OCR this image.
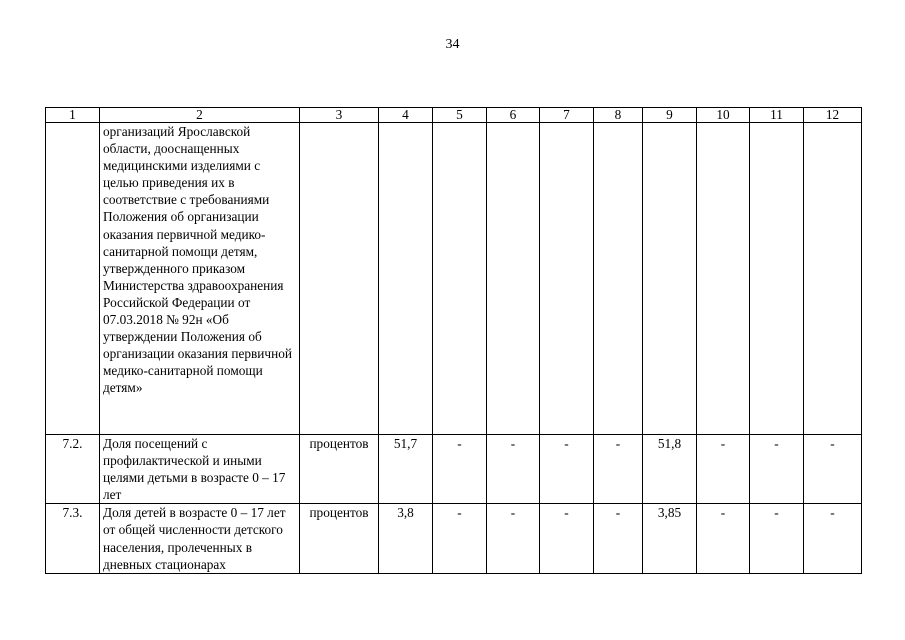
34
1	2	3	4	5	6	7	8	9	10	11	12
	организаций Ярославской области, дооснащенных медицинскими изделиями с целью приведения их в соответствие с требованиями Положения об организации оказания первичной медико-санитарной помощи детям, утвержденного приказом Министерства здравоохранения Российской Федерации от 07.03.2018 № 92н «Об утверждении Положения об организации оказания первичной медико-санитарной помощи детям»										
7.2.	Доля посещений с профилактической и иными целями детьми в возрасте 0 – 17 лет	процентов	51,7	-	-	-	-	51,8	-	-	-
7.3.	Доля детей в возрасте 0 – 17 лет от общей численности детского населения, пролеченных в дневных стационарах	процентов	3,8	-	-	-	-	3,85	-	-	-
